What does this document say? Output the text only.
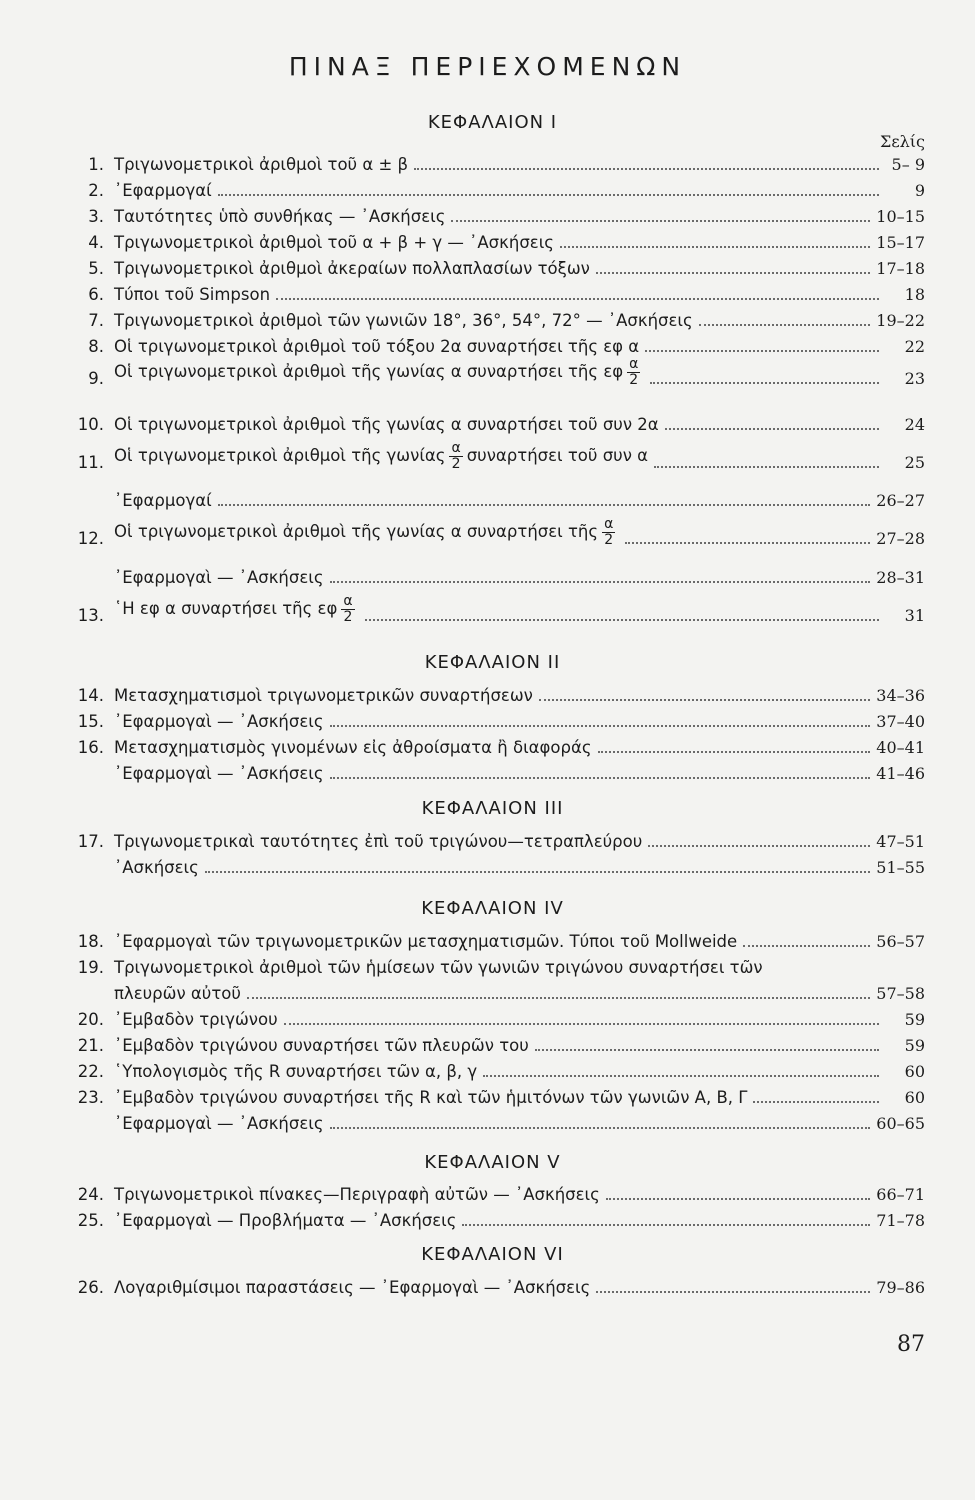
ΠΙΝΑΞ ΠΕΡΙΕΧΟΜΕΝΩΝ
Σελίς
ΚΕΦΑΛΑΙΟΝ I
1. Τριγωνομετρικοὶ ἀριθμοὶ τοῦ α ± β	5– 9
2. ᾿Εφαρμογαί	9
3. Ταυτότητες ὑπὸ συνθήκας — ᾿Ασκήσεις	10–15
4. Τριγωνομετρικοὶ ἀριθμοὶ τοῦ α + β + γ — ᾿Ασκήσεις	15–17
5. Τριγωνομετρικοὶ ἀριθμοὶ ἀκεραίων πολλαπλασίων τόξων	17–18
6. Τύποι τοῦ Simpson	18
7. Τριγωνομετρικοὶ ἀριθμοὶ τῶν γωνιῶν 18°, 36°, 54°, 72° — ᾿Ασκήσεις	19–22
8. Οἱ τριγωνομετρικοὶ ἀριθμοὶ τοῦ τόξου 2α συναρτήσει τῆς εφ α	22
9. Οἱ τριγωνομετρικοὶ ἀριθμοὶ τῆς γωνίας α συναρτήσει τῆς εφ $\frac{\alpha}{2}$	23
10. Οἱ τριγωνομετρικοὶ ἀριθμοὶ τῆς γωνίας α συναρτήσει τοῦ συν 2α	24
11. Οἱ τριγωνομετρικοὶ ἀριθμοὶ τῆς γωνίας $\frac{\alpha}{2}$ συναρτήσει τοῦ συν α	25
᾿Εφαρμογαί	26–27
12. Οἱ τριγωνομετρικοὶ ἀριθμοὶ τῆς γωνίας α συναρτήσει τῆς $\frac{\alpha}{2}$	27–28
᾿Εφαρμογαὶ — ᾿Ασκήσεις	28–31
13. ῾Η εφ α συναρτήσει τῆς εφ $\frac{\alpha}{2}$	31
ΚΕΦΑΛΑΙΟΝ II
14. Μετασχηματισμοὶ τριγωνομετρικῶν συναρτήσεων	34–36
15. ᾿Εφαρμογαὶ — ᾿Ασκήσεις	37–40
16. Μετασχηματισμὸς γινομένων εἰς ἀθροίσματα ἢ διαφοράς	40–41
᾿Εφαρμογαὶ — ᾿Ασκήσεις	41–46
ΚΕΦΑΛΑΙΟΝ III
17. Τριγωνομετρικαὶ ταυτότητες ἐπὶ τοῦ τριγώνου—τετραπλεύρου	47–51
᾿Ασκήσεις	51–55
ΚΕΦΑΛΑΙΟΝ IV
18. ᾿Εφαρμογαὶ τῶν τριγωνομετρικῶν μετασχηματισμῶν. Τύποι τοῦ Mollweide	56–57
19. Τριγωνομετρικοὶ ἀριθμοὶ τῶν ἡμίσεων τῶν γωνιῶν τριγώνου συναρτήσει τῶν
πλευρῶν αὐτοῦ	57–58
20. ᾿Εμβαδὸν τριγώνου	59
21. ᾿Εμβαδὸν τριγώνου συναρτήσει τῶν πλευρῶν του	59
22. ῾Υπολογισμὸς τῆς R συναρτήσει τῶν α, β, γ	60
23. ᾿Εμβαδὸν τριγώνου συναρτήσει τῆς R καὶ τῶν ἡμιτόνων τῶν γωνιῶν Α, Β, Γ	60
᾿Εφαρμογαὶ — ᾿Ασκήσεις	60–65
ΚΕΦΑΛΑΙΟΝ V
24. Τριγωνομετρικοὶ πίνακες—Περιγραφὴ αὐτῶν — ᾿Ασκήσεις	66–71
25. ᾿Εφαρμογαὶ — Προβλήματα — ᾿Ασκήσεις	71–78
ΚΕΦΑΛΑΙΟΝ VI
26. Λογαριθμίσιμοι παραστάσεις — ᾿Εφαρμογαὶ — ᾿Ασκήσεις	79–86
87
